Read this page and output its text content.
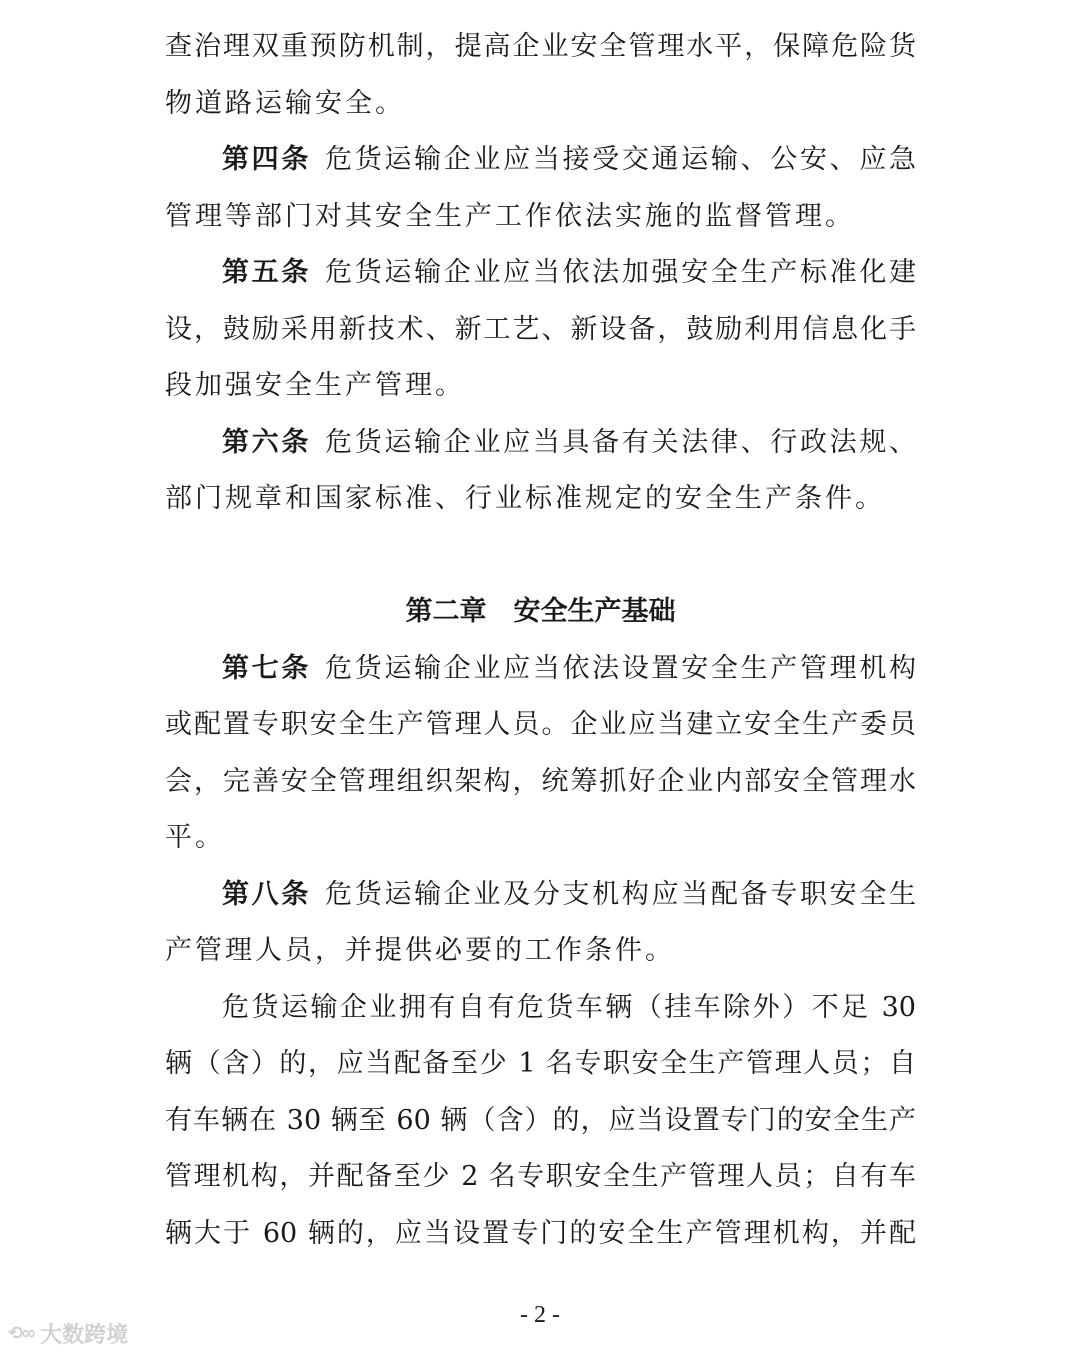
查治理双重预防机制，提高企业安全管理水平，保障危险货
物道路运输安全。
第四条 危货运输企业应当接受交通运输、公安、应急
管理等部门对其安全生产工作依法实施的监督管理。
第五条 危货运输企业应当依法加强安全生产标准化建
设，鼓励采用新技术、新工艺、新设备，鼓励利用信息化手
段加强安全生产管理。
第六条 危货运输企业应当具备有关法律、行政法规、
部门规章和国家标准、行业标准规定的安全生产条件。
第二章　安全生产基础
第七条 危货运输企业应当依法设置安全生产管理机构
或配置专职安全生产管理人员。企业应当建立安全生产委员
会，完善安全管理组织架构，统筹抓好企业内部安全管理水
平。
第八条 危货运输企业及分支机构应当配备专职安全生
产管理人员，并提供必要的工作条件。
危货运输企业拥有自有危货车辆（挂车除外）不足 30
辆（含）的，应当配备至少 1 名专职安全生产管理人员；自
有车辆在 30 辆至 60 辆（含）的，应当设置专门的安全生产
管理机构，并配备至少 2 名专职安全生产管理人员；自有车
辆大于 60 辆的，应当设置专门的安全生产管理机构，并配
- 2 -
⟲∞ 大数跨境
